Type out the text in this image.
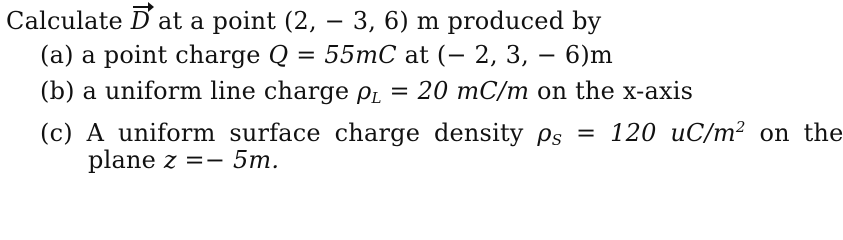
Calculate D at a point (2, − 3, 6) m produced by
(a) a point charge Q = 55mC at (− 2, 3, − 6)m
(b) a uniform line charge $\rho_L = 20$ mC/m on the x-axis
(c) A uniform surface charge density $\rho_S = 120$ $uC/m^2$ on the
plane z =− 5m.
